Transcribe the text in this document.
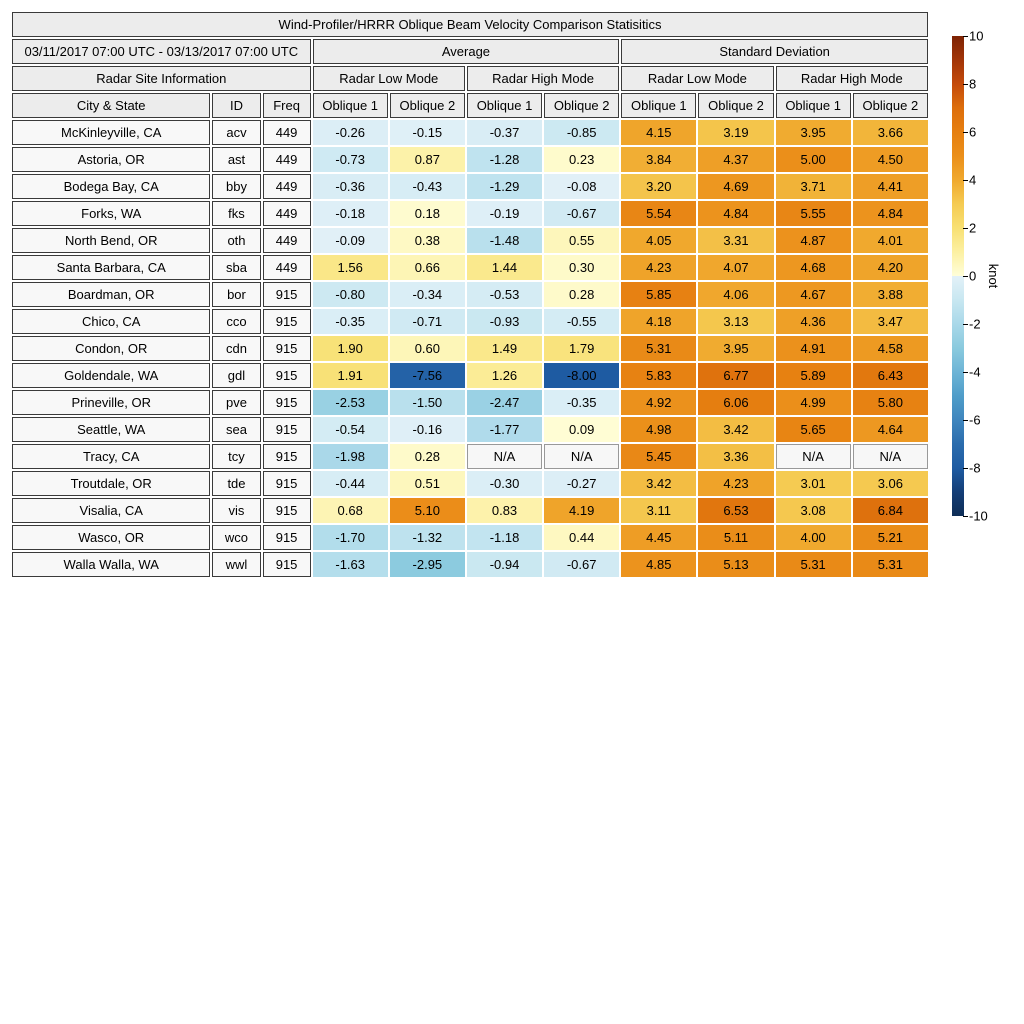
Wind-Profiler/HRRR Oblique Beam Velocity Comparison Statisitics										
03/11/2017 07:00 UTC - 03/13/2017 07:00 UTC			Average				Standard Deviation			
Radar Site Information			Radar Low Mode		Radar High Mode		Radar Low Mode		Radar High Mode	
City & State	ID	Freq	Oblique 1	Oblique 2	Oblique 1	Oblique 2	Oblique 1	Oblique 2	Oblique 1	Oblique 2
McKinleyville, CA	acv	449	-0.26	-0.15	-0.37	-0.85	4.15	3.19	3.95	3.66
Astoria, OR	ast	449	-0.73	0.87	-1.28	0.23	3.84	4.37	5.00	4.50
Bodega Bay, CA	bby	449	-0.36	-0.43	-1.29	-0.08	3.20	4.69	3.71	4.41
Forks, WA	fks	449	-0.18	0.18	-0.19	-0.67	5.54	4.84	5.55	4.84
North Bend, OR	oth	449	-0.09	0.38	-1.48	0.55	4.05	3.31	4.87	4.01
Santa Barbara, CA	sba	449	1.56	0.66	1.44	0.30	4.23	4.07	4.68	4.20
Boardman, OR	bor	915	-0.80	-0.34	-0.53	0.28	5.85	4.06	4.67	3.88
Chico, CA	cco	915	-0.35	-0.71	-0.93	-0.55	4.18	3.13	4.36	3.47
Condon, OR	cdn	915	1.90	0.60	1.49	1.79	5.31	3.95	4.91	4.58
Goldendale, WA	gdl	915	1.91	-7.56	1.26	-8.00	5.83	6.77	5.89	6.43
Prineville, OR	pve	915	-2.53	-1.50	-2.47	-0.35	4.92	6.06	4.99	5.80
Seattle, WA	sea	915	-0.54	-0.16	-1.77	0.09	4.98	3.42	5.65	4.64
Tracy, CA	tcy	915	-1.98	0.28	N/A	N/A	5.45	3.36	N/A	N/A
Troutdale, OR	tde	915	-0.44	0.51	-0.30	-0.27	3.42	4.23	3.01	3.06
Visalia, CA	vis	915	0.68	5.10	0.83	4.19	3.11	6.53	3.08	6.84
Wasco, OR	wco	915	-1.70	-1.32	-1.18	0.44	4.45	5.11	4.00	5.21
Walla Walla, WA	wwl	915	-1.63	-2.95	-0.94	-0.67	4.85	5.13	5.31	5.31
10
8
6
4
2
0
-2
-4
-6
-8
-10
knot
